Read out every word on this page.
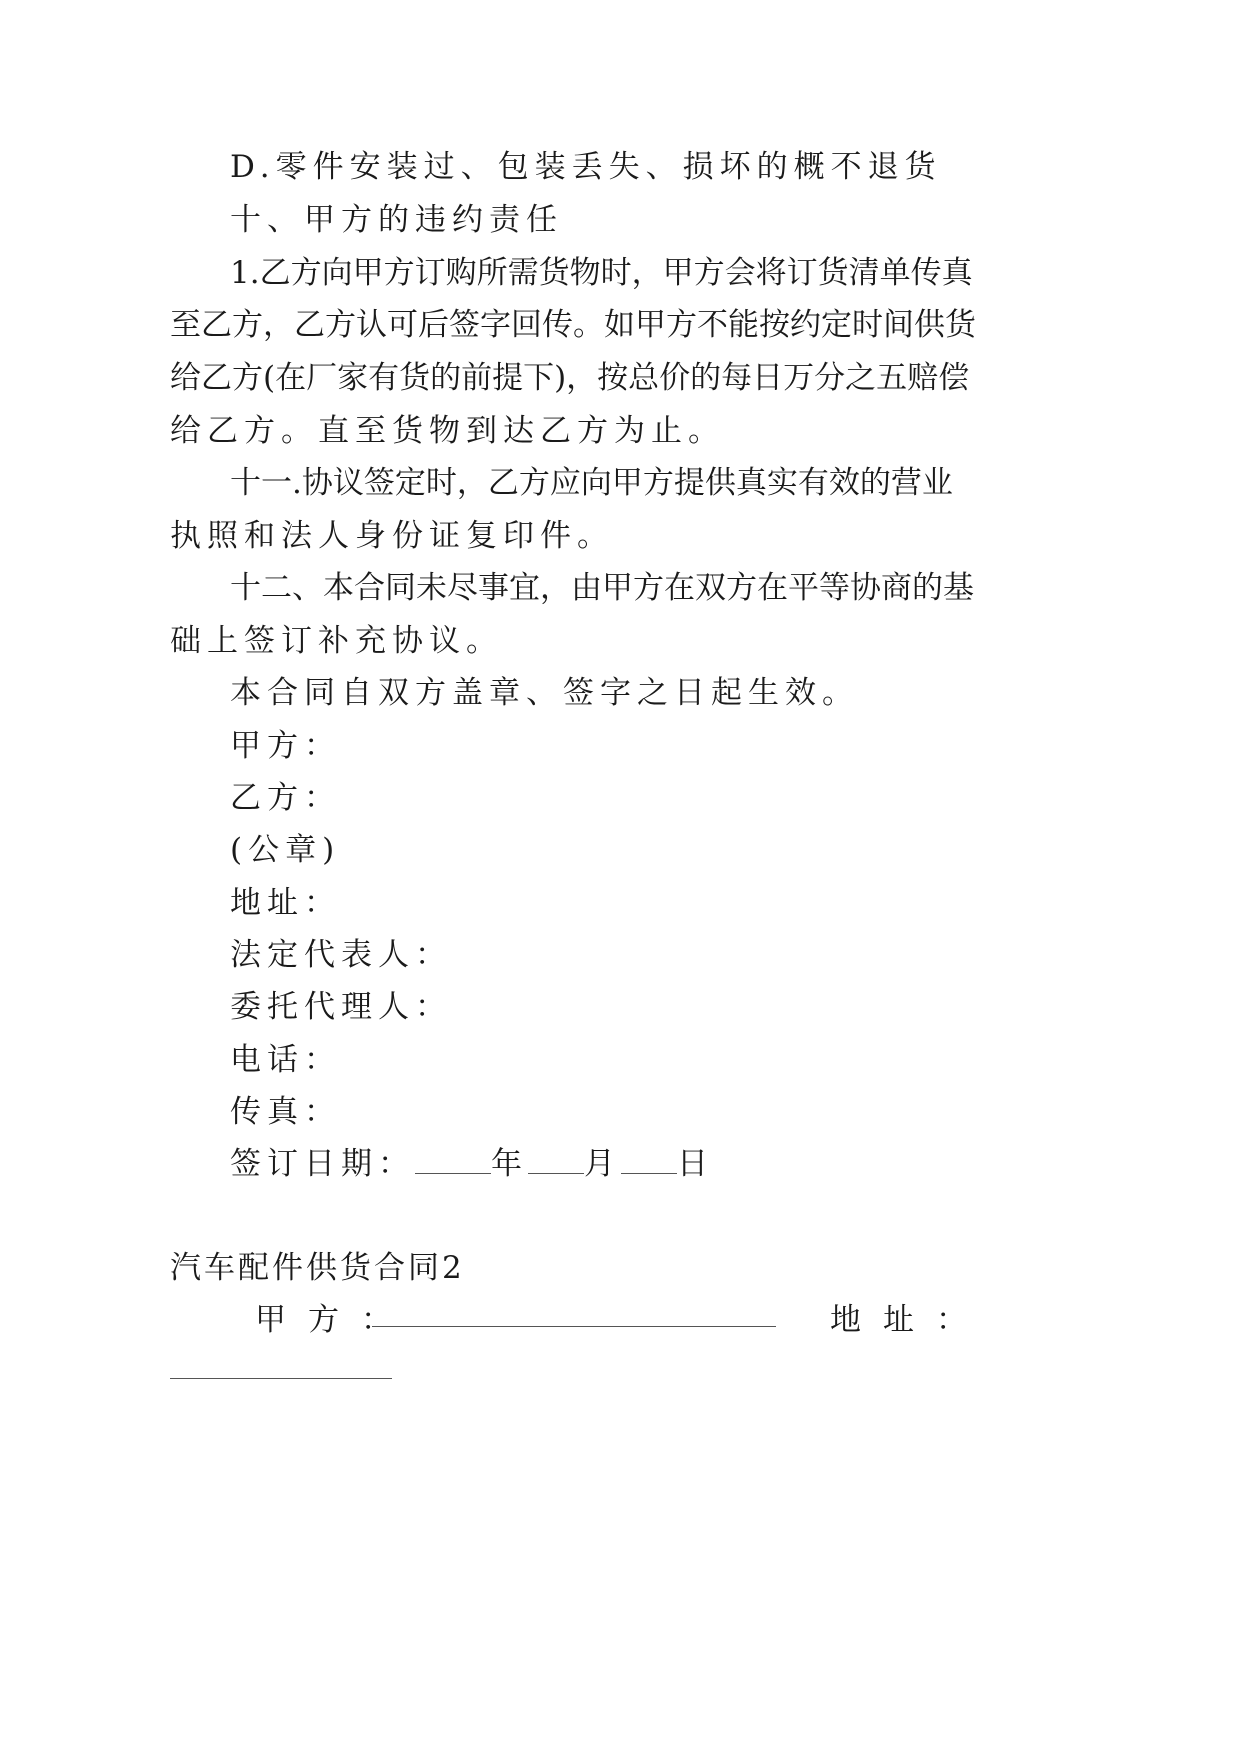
D.零件安装过、包装丢失、损坏的概不退货
十、甲方的违约责任
1.乙方向甲方订购所需货物时，甲方会将订货清单传真
至乙方，乙方认可后签字回传。如甲方不能按约定时间供货
给乙方(在厂家有货的前提下)，按总价的每日万分之五赔偿
给乙方。直至货物到达乙方为止。
十一.协议签定时，乙方应向甲方提供真实有效的营业
执照和法人身份证复印件。
十二、本合同未尽事宜，由甲方在双方在平等协商的基
础上签订补充协议。
本合同自双方盖章、签字之日起生效。
甲方：
乙方：
(公章)
地址：
法定代表人：
委托代理人：
电话：
传真：
签订日期： 年 月 日
汽车配件供货合同2
甲方：	地址：
